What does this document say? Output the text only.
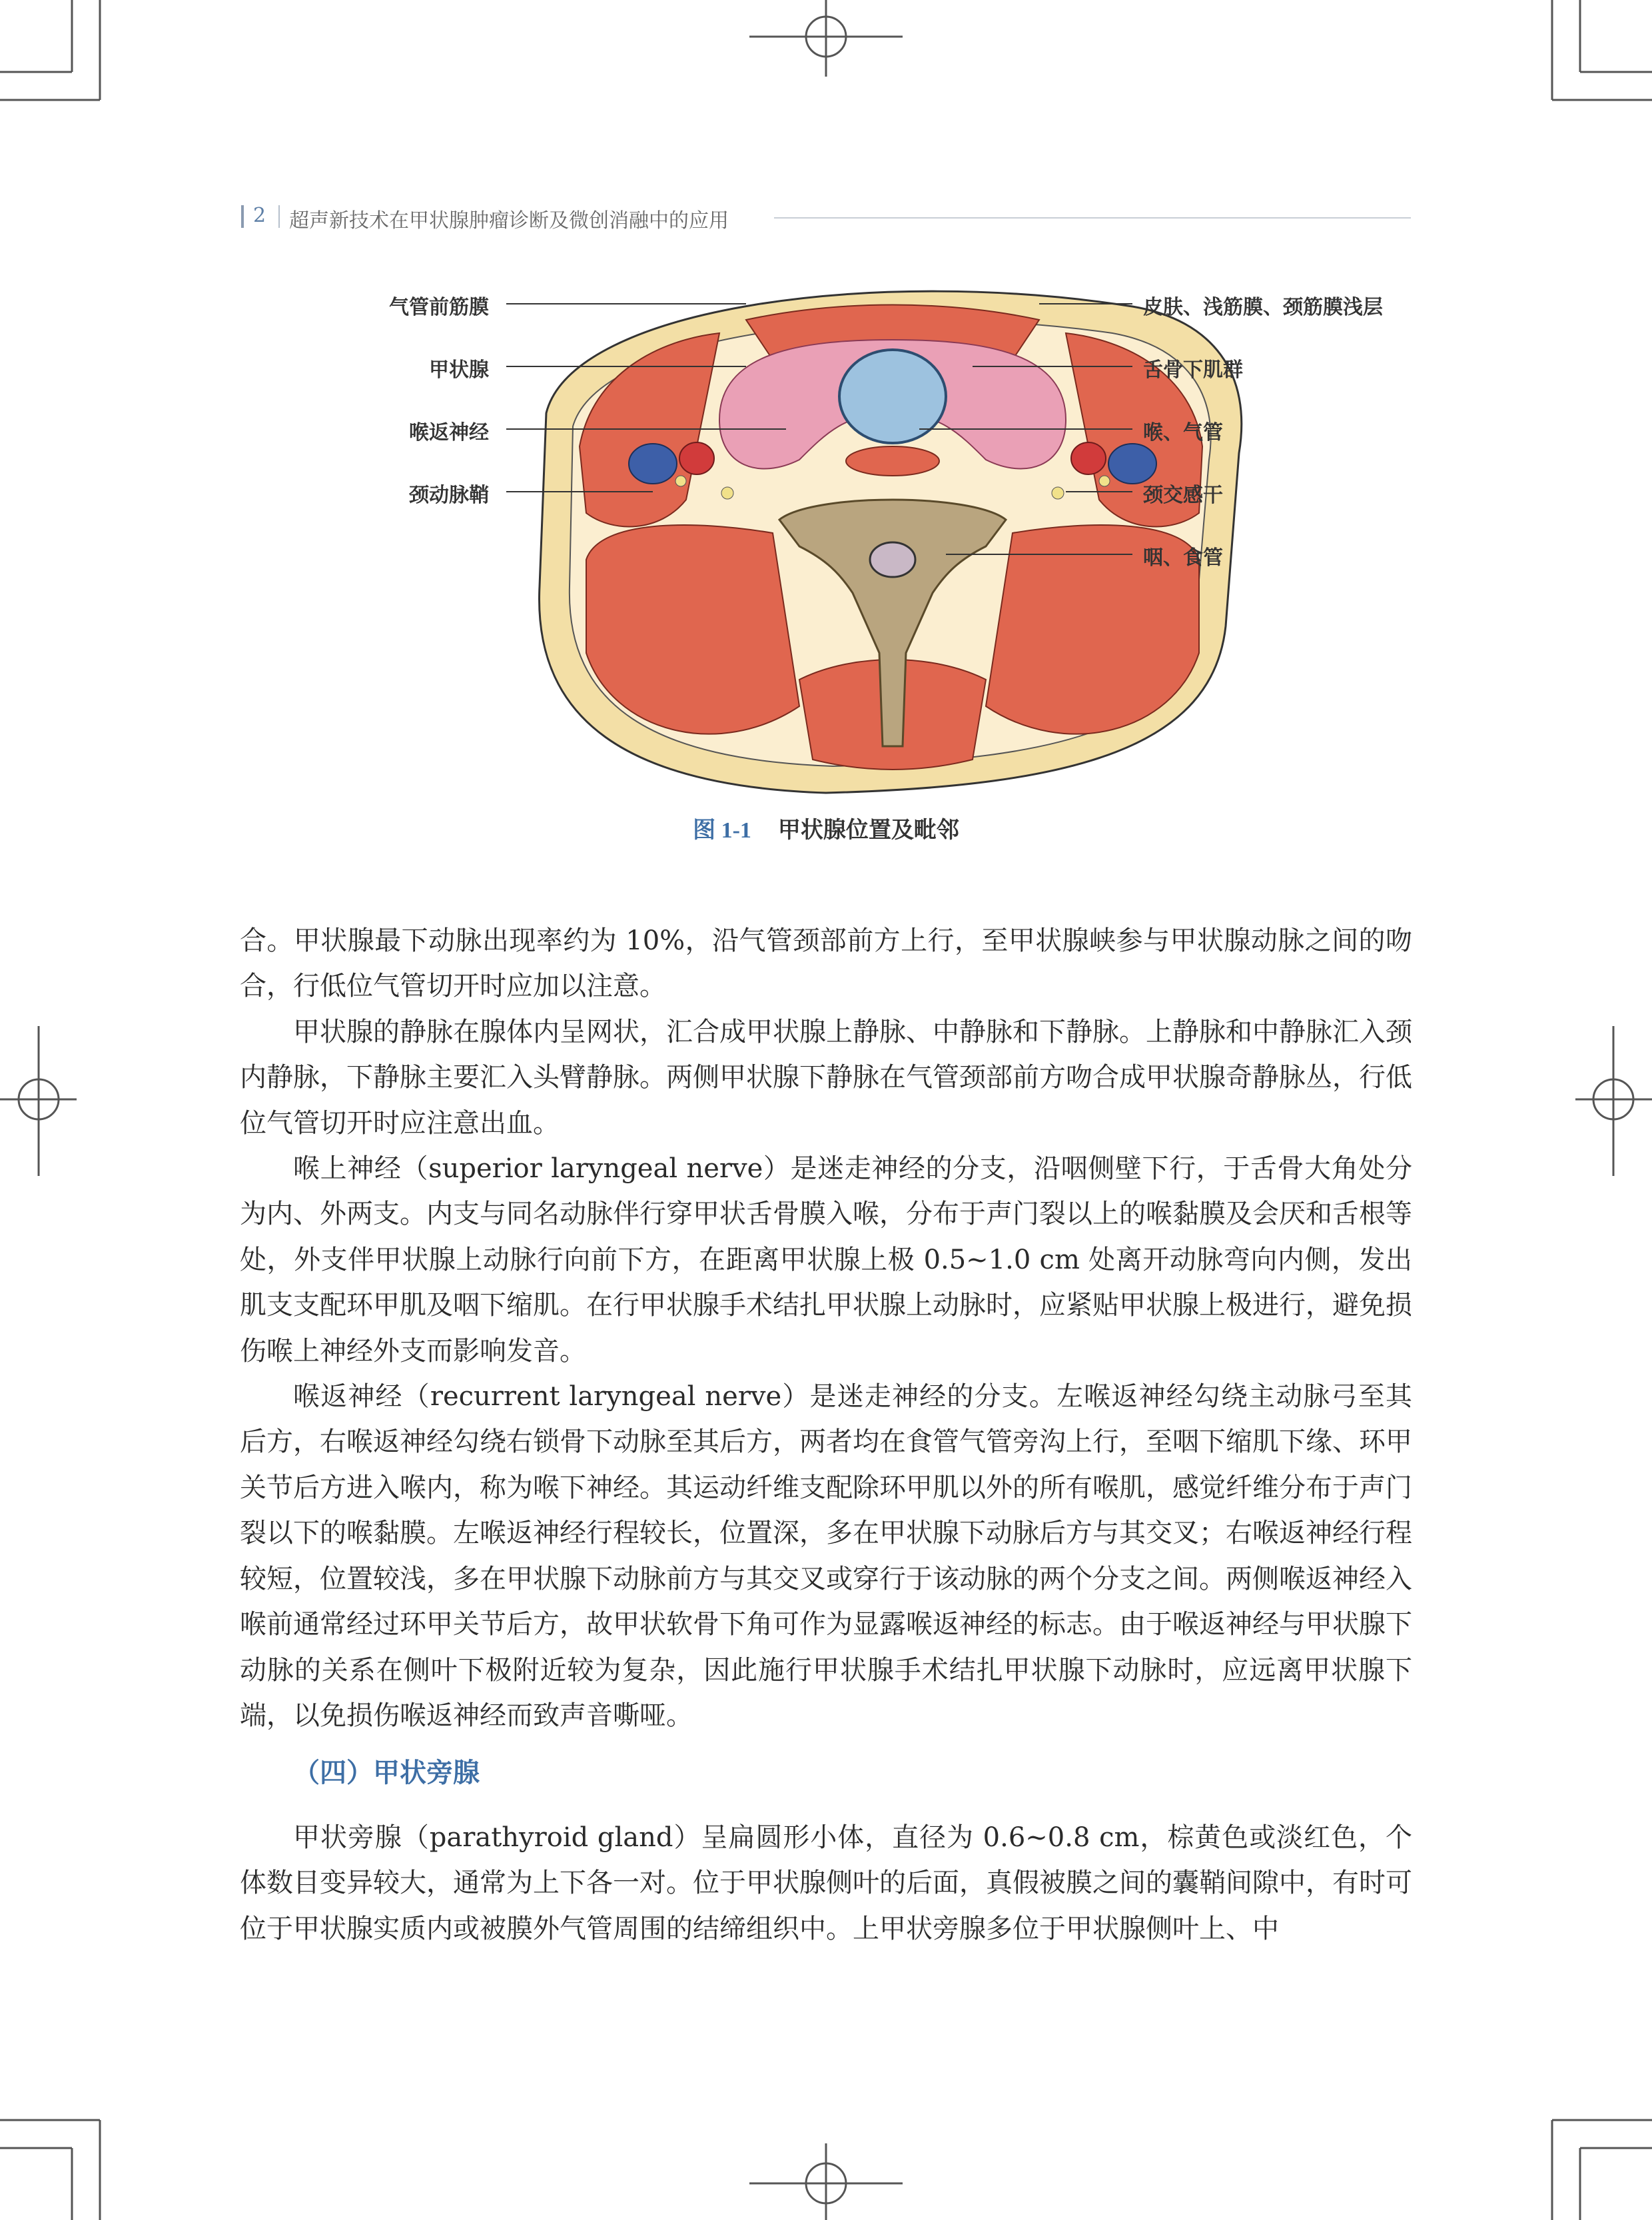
2 超声新技术在甲状腺肿瘤诊断及微创消融中的应用
气管前筋膜
甲状腺
喉返神经
颈动脉鞘
皮肤、浅筋膜、颈筋膜浅层
舌骨下肌群
喉、气管
颈交感干
咽、食管
图 1-1 甲状腺位置及毗邻

合。甲状腺最下动脉出现率约为 10%，沿气管颈部前方上行，至甲状腺峡参与甲状腺动脉之间的吻合，行低位气管切开时应加以注意。

甲状腺的静脉在腺体内呈网状，汇合成甲状腺上静脉、中静脉和下静脉。上静脉和中静脉汇入颈内静脉，下静脉主要汇入头臂静脉。两侧甲状腺下静脉在气管颈部前方吻合成甲状腺奇静脉丛，行低位气管切开时应注意出血。

喉上神经（superior laryngeal nerve）是迷走神经的分支，沿咽侧壁下行，于舌骨大角处分为内、外两支。内支与同名动脉伴行穿甲状舌骨膜入喉，分布于声门裂以上的喉黏膜及会厌和舌根等处，外支伴甲状腺上动脉行向前下方，在距离甲状腺上极 0.5~1.0 cm 处离开动脉弯向内侧，发出肌支支配环甲肌及咽下缩肌。在行甲状腺手术结扎甲状腺上动脉时，应紧贴甲状腺上极进行，避免损伤喉上神经外支而影响发音。

喉返神经（recurrent laryngeal nerve）是迷走神经的分支。左喉返神经勾绕主动脉弓至其后方，右喉返神经勾绕右锁骨下动脉至其后方，两者均在食管气管旁沟上行，至咽下缩肌下缘、环甲关节后方进入喉内，称为喉下神经。其运动纤维支配除环甲肌以外的所有喉肌，感觉纤维分布于声门裂以下的喉黏膜。左喉返神经行程较长，位置深，多在甲状腺下动脉后方与其交叉；右喉返神经行程较短，位置较浅，多在甲状腺下动脉前方与其交叉或穿行于该动脉的两个分支之间。两侧喉返神经入喉前通常经过环甲关节后方，故甲状软骨下角可作为显露喉返神经的标志。由于喉返神经与甲状腺下动脉的关系在侧叶下极附近较为复杂，因此施行甲状腺手术结扎甲状腺下动脉时，应远离甲状腺下端，以免损伤喉返神经而致声音嘶哑。

（四）甲状旁腺

甲状旁腺（parathyroid gland）呈扁圆形小体，直径为 0.6~0.8 cm，棕黄色或淡红色，个体数目变异较大，通常为上下各一对。位于甲状腺侧叶的后面，真假被膜之间的囊鞘间隙中，有时可位于甲状腺实质内或被膜外气管周围的结缔组织中。上甲状旁腺多位于甲状腺侧叶上、中
